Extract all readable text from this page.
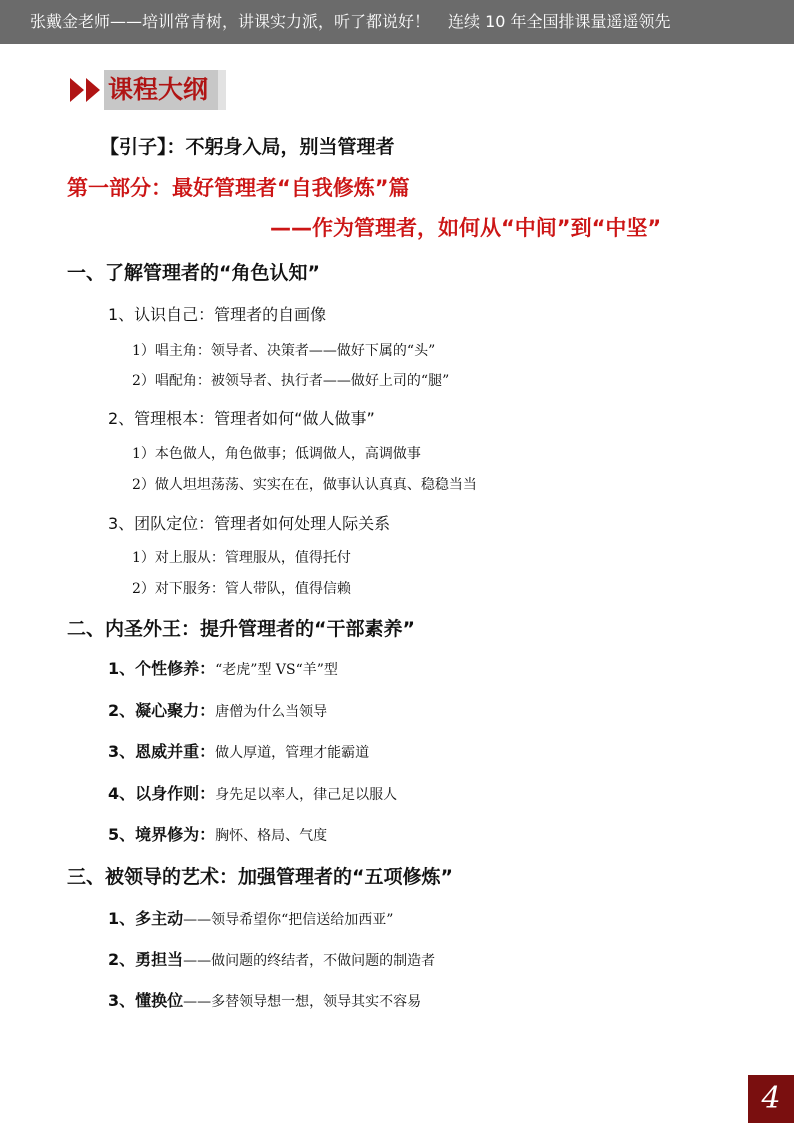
张戴金老师——培训常青树，讲课实力派，听了都说好！ 连续 10 年全国排课量遥遥领先
课程大纲
【引子】：不躬身入局，别当管理者
第一部分：最好管理者“自我修炼”篇
——作为管理者，如何从“中间”到“中坚”
一、了解管理者的“角色认知”
1、认识自己：管理者的自画像
1）唱主角：领导者、决策者——做好下属的“头”
2）唱配角：被领导者、执行者——做好上司的“腿”
2、管理根本：管理者如何“做人做事”
1）本色做人，角色做事；低调做人，高调做事
2）做人坦坦荡荡、实实在在，做事认认真真、稳稳当当
3、团队定位：管理者如何处理人际关系
1）对上服从：管理服从，值得托付
2）对下服务：管人带队，值得信赖
二、内圣外王：提升管理者的“干部素养”
1、个性修养：“老虎”型 VS“羊”型
2、凝心聚力：唐僧为什么当领导
3、恩威并重：做人厚道，管理才能霸道
4、以身作则：身先足以率人，律己足以服人
5、境界修为：胸怀、格局、气度
三、被领导的艺术：加强管理者的“五项修炼”
1、多主动——领导希望你“把信送给加西亚”
2、勇担当——做问题的终结者，不做问题的制造者
3、懂换位——多替领导想一想，领导其实不容易
4
